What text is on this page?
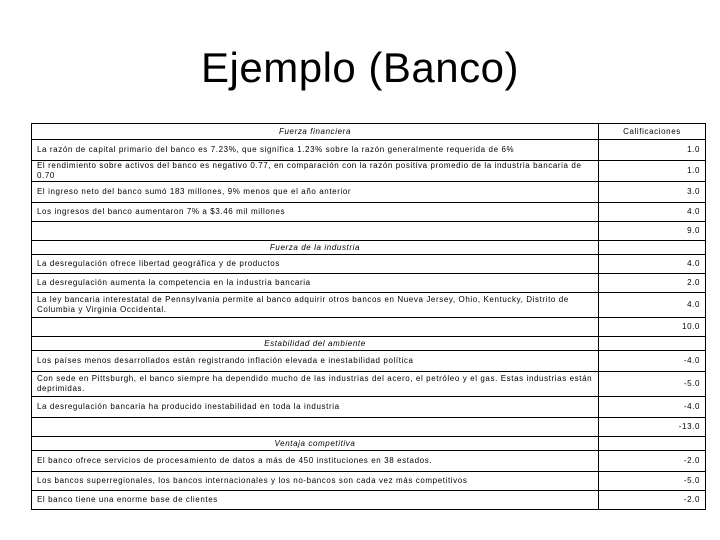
Ejemplo (Banco)
Fuerza financiera	Calificaciones
La razón de capital primario del banco es 7.23%, que significa 1.23% sobre la razón generalmente requerida de 6%	1.0
El rendimiento sobre activos del banco es negativo 0.77, en comparación con la razón positiva promedio de la industria bancaria de 0.70	1.0
El ingreso neto del banco sumó 183 millones, 9% menos que el año anterior	3.0
Los ingresos del banco aumentaron 7% a $3.46 mil millones	4.0
	9.0
Fuerza de la industria	
La desregulación ofrece libertad geográfica y de productos	4.0
La desregulación aumenta la competencia en la industria bancaria	2.0
La ley bancaria interestatal de Pennsylvania permite al banco adquirir otros bancos en Nueva Jersey, Ohio, Kentucky, Distrito de Columbia y Virginia Occidental.	4.0
	10.0
Estabilidad del ambiente	
Los países menos desarrollados están registrando inflación elevada e inestabilidad política	-4.0
Con sede en Pittsburgh, el banco siempre ha dependido mucho de las industrias del acero, el petróleo y el gas. Estas industrias están deprimidas.	-5.0
La desregulación bancaria ha producido inestabilidad en toda la industria	-4.0
	-13.0
Ventaja competitiva	
El banco ofrece servicios de procesamiento de datos a más de 450 instituciones en 38 estados.	-2.0
Los bancos superregionales, los bancos internacionales y los no-bancos son cada vez más competitivos	-5.0
El banco tiene una enorme base de clientes	-2.0
